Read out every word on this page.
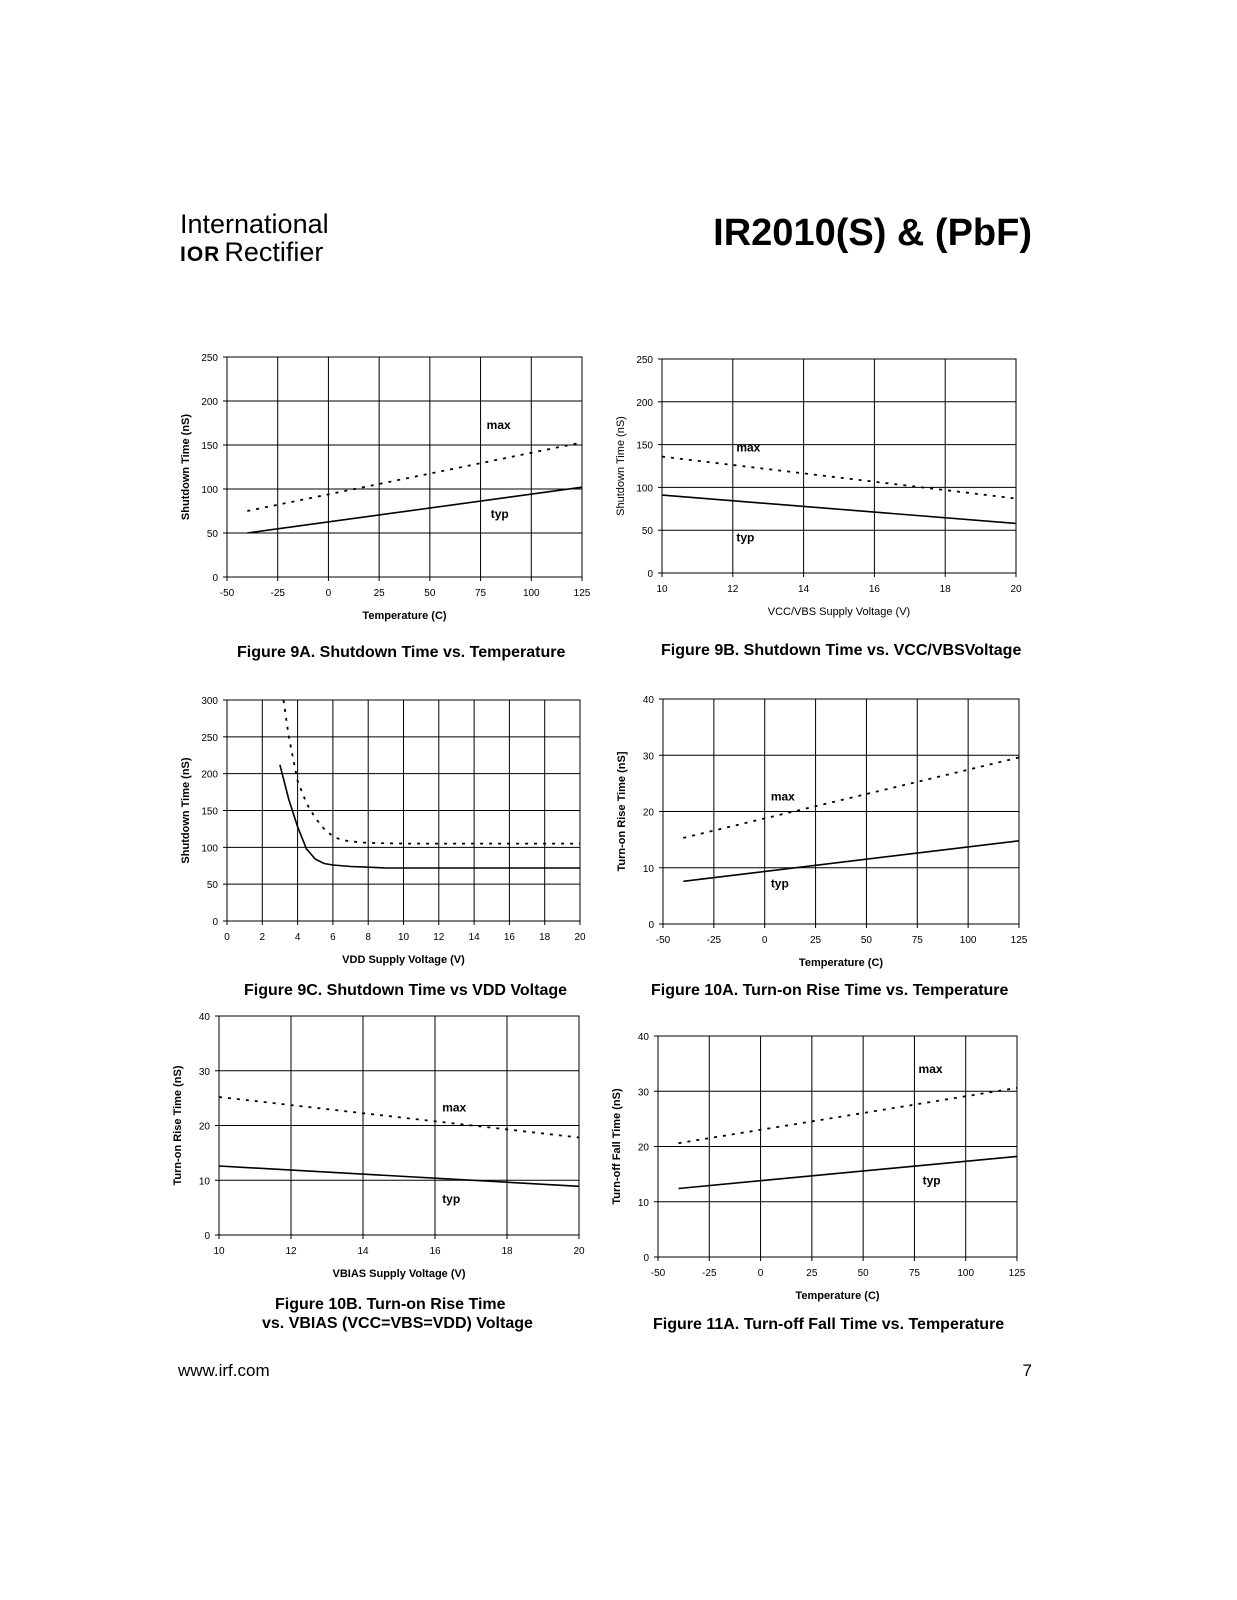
International
IOR Rectifier	IR2010(S) & (PbF)
-50	-25	0	25	50	75	100	125
0
50
100
150
200
250
Temperature (C)
Shutdown Time (nS)	max
typ
10	12	14	16	18	20
0
50
100
150
200
250
VCC/VBS Supply Voltage (V)
Shutdown Time (nS)	max
typ
0	2	4	6	8	10 12 14 16 18 20
0
50
100
150
200
250
300
VDD Supply Voltage (V)
Shutdown Time (nS)
-50	-25	0	25	50	75	100	125
0
10
20
30
40
Temperature (C)
Turn-on Rise Time (nS]	max
typ
10	12	14	16	18	20
0
10
20
30
40
VBIAS Supply Voltage (V)
Turn-on Rise Time (nS)	max
typ
-50	-25	0	25	50	75	100	125
0
10
20
30
40
Temperature (C)
Turn-off Fall Time (nS)
max
typ
Figure 9A. Shutdown Time vs. Temperature	Figure 9B. Shutdown Time vs. VCC/VBSVoltage
Figure 9C. Shutdown Time vs VDD Voltage	Figure 10A. Turn-on Rise Time vs. Temperature
Figure 10B. Turn-on Rise Time
vs. VBIAS (VCC=VBS=VDD) Voltage	Figure 11A. Turn-off Fall Time vs. Temperature
www.irf.com	7
